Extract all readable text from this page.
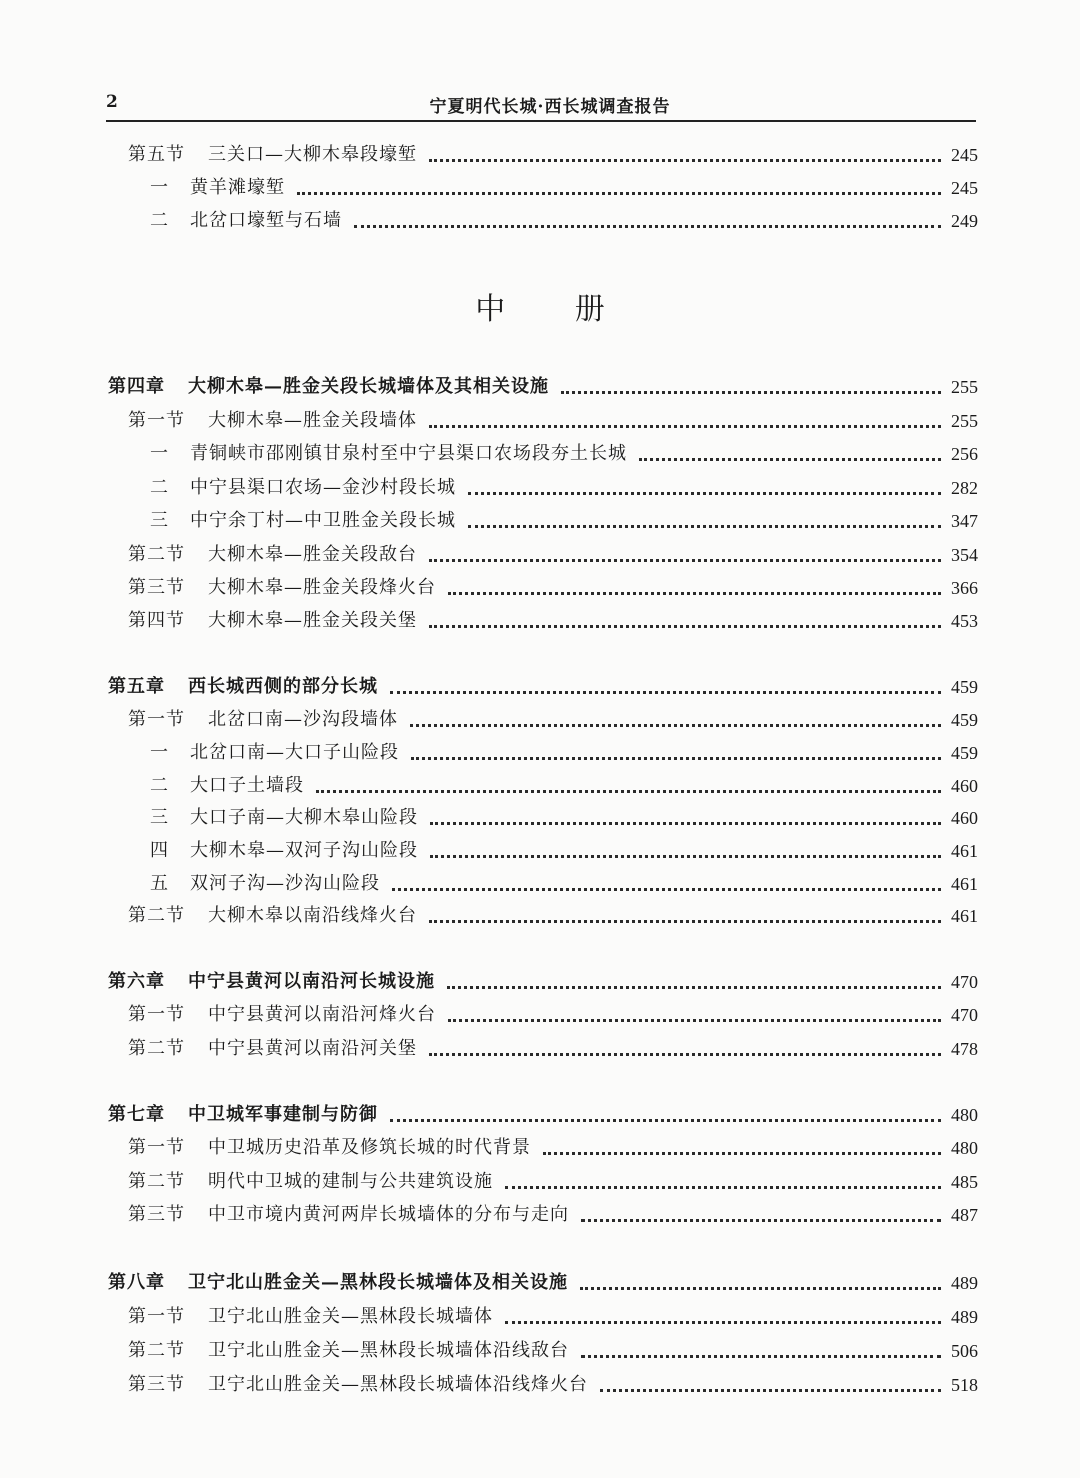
2	宁夏明代长城·西长城调查报告
中 册
第五节 三关口—大柳木皋段壕堑	245
一 黄羊滩壕堑	245
二 北岔口壕堑与石墙	249
第四章 大柳木皋—胜金关段长城墙体及其相关设施	255
第一节 大柳木皋—胜金关段墙体	255
一 青铜峡市邵刚镇甘泉村至中宁县渠口农场段夯土长城	256
二 中宁县渠口农场—金沙村段长城	282
三 中宁余丁村—中卫胜金关段长城	347
第二节 大柳木皋—胜金关段敌台	354
第三节 大柳木皋—胜金关段烽火台	366
第四节 大柳木皋—胜金关段关堡	453
第五章 西长城西侧的部分长城	459
第一节 北岔口南—沙沟段墙体	459
一 北岔口南—大口子山险段	459
二 大口子土墙段	460
三 大口子南—大柳木皋山险段	460
四 大柳木皋—双河子沟山险段	461
五 双河子沟—沙沟山险段	461
第二节 大柳木皋以南沿线烽火台	461
第六章 中宁县黄河以南沿河长城设施	470
第一节 中宁县黄河以南沿河烽火台	470
第二节 中宁县黄河以南沿河关堡	478
第七章 中卫城军事建制与防御	480
第一节 中卫城历史沿革及修筑长城的时代背景	480
第二节 明代中卫城的建制与公共建筑设施	485
第三节 中卫市境内黄河两岸长城墙体的分布与走向	487
第八章 卫宁北山胜金关—黑林段长城墙体及相关设施	489
第一节 卫宁北山胜金关—黑林段长城墙体	489
第二节 卫宁北山胜金关—黑林段长城墙体沿线敌台	506
第三节 卫宁北山胜金关—黑林段长城墙体沿线烽火台	518
